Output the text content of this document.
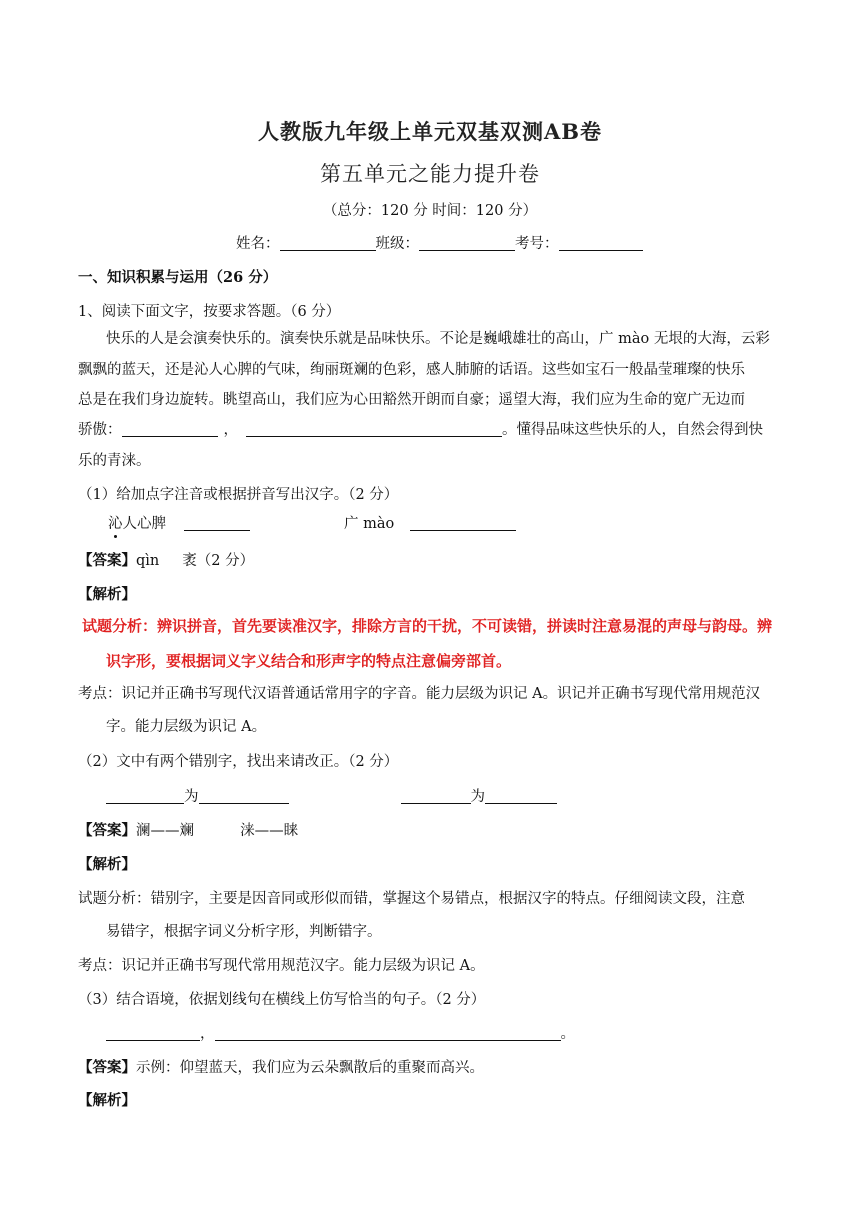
人教版九年级上单元双基双测AB卷
第五单元之能力提升卷
（总分：120 分 时间：120 分）
姓名：	班级：	考号：
一、知识积累与运用（26 分）
1、阅读下面文字，按要求答题。（6 分）
快乐的人是会演奏快乐的。演奏快乐就是品味快乐。不论是巍峨雄壮的高山，广 mào 无垠的大海，云彩
飘飘的蓝天，还是沁人心脾的气味，绚丽斑斓的色彩，感人肺腑的话语。这些如宝石一般晶莹璀璨的快乐
总是在我们身边旋转。眺望高山，我们应为心田豁然开朗而自豪；遥望大海，我们应为生命的宽广无边而
骄傲：	，	。懂得品味这些快乐的人，自然会得到快
乐的青涞。
（1）给加点字注音或根据拼音写出汉字。（2 分）
沁人心脾	广 mào
【答案】qìn     袤（2 分）
【解析】
试题分析：辨识拼音，首先要读准汉字，排除方言的干扰，不可读错，拼读时注意易混的声母与韵母。辨
识字形，要根据词义字义结合和形声字的特点注意偏旁部首。
考点：识记并正确书写现代汉语普通话常用字的字音。能力层级为识记 A。识记并正确书写现代常用规范汉
字。能力层级为识记 A。
（2）文中有两个错别字，找出来请改正。（2 分）
为	为
【答案】澜——斓          涞——睐
【解析】
试题分析：错别字，主要是因音同或形似而错，掌握这个易错点，根据汉字的特点。仔细阅读文段，注意
易错字，根据字词义分析字形，判断错字。
考点：识记并正确书写现代常用规范汉字。能力层级为识记 A。
（3）结合语境，依据划线句在横线上仿写恰当的句子。（2 分）
，	。
【答案】示例：仰望蓝天，我们应为云朵飘散后的重聚而高兴。
【解析】
